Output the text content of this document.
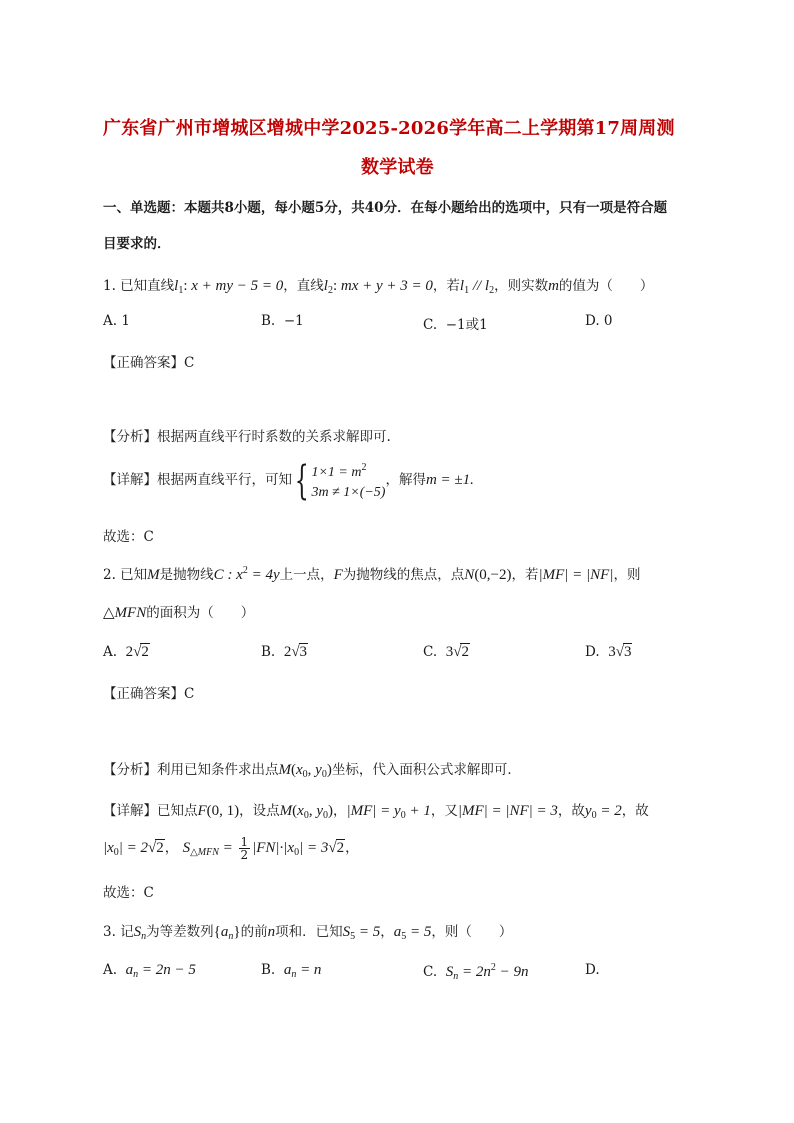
广东省广州市增城区增城中学2025-2026学年高二上学期第17周周测
数学试卷
一、单选题：本题共8小题，每小题5分，共40分．在每小题给出的选项中，只有一项是符合题
目要求的．
1. 已知直线$l_1$: x + my − 5 = 0，直线$l_2$: mx + y + 3 = 0，若$l_1 // l_2$，则实数m的值为（　　）
A. 1	B. −1	C. −1或1	D. 0
【正确答案】C
【分析】根据两直线平行时系数的关系求解即可.
【详解】根据两直线平行，可知{ $1\times 1 = m^2$
3m ≠ 1×(−5)，解得m = ±1.
故选：C
2. 已知M是抛物线C : $x^2 = 4y$上一点，F为抛物线的焦点，点N(0,−2)，若|MF| = |NF|，则
△MFN的面积为（　　）
A. 2√2	B. 2√3	C. 3√2	D. 3√3
【正确答案】C
【分析】利用已知条件求出点$M(x_0$, $y_0$)坐标，代入面积公式求解即可．
【详解】已知点F(0, 1)，设点$M(x_0$, $y_0$)，$|MF| = y_0 + 1$，又|MF| = |NF| = 3，故$y_0 = 2$，故
$|x_0| = 2√2$， $S_{\triangle MFN} = \frac{1}{2} |FN|\cdot|x_0| = 3√2$，
故选：C
3. 记$S_n$为等差数列$\{a_n\}$的前n项和．已知$S_5 = 5$，$a_5 = 5$，则（　　）
A. $a_n = 2n - 5$	B. $a_n = n$	C. $S_n = 2n^2 - 9n$	D.
